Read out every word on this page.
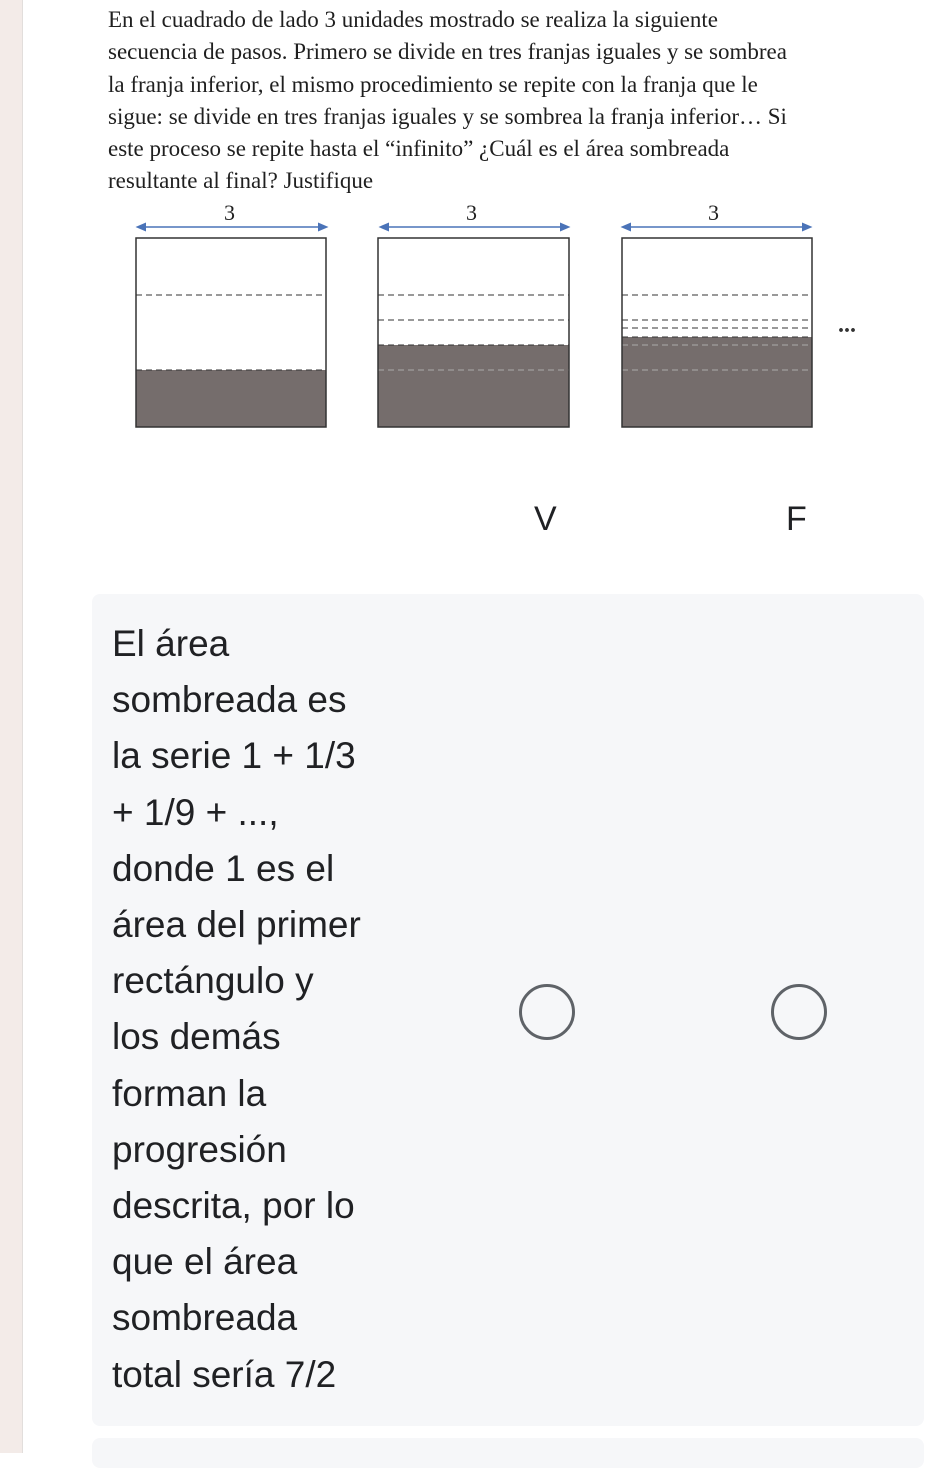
En el cuadrado de lado 3 unidades mostrado se realiza la siguiente

secuencia de pasos. Primero se divide en tres franjas iguales y se sombrea

la franja inferior, el mismo procedimiento se repite con la franja que le

sigue: se divide en tres franjas iguales y se sombrea la franja inferior… Si

este proceso se repite hasta el “infinito” ¿Cuál es el área sombreada

resultante al final? Justifique

3	3	3
...
V	F

El área

sombreada es

la serie 1 + 1/3

+ 1/9 + ...,

donde 1 es el

área del primer

rectángulo y

los demás

forman la

progresión

descrita, por lo

que el área

sombreada

total sería 7/2
